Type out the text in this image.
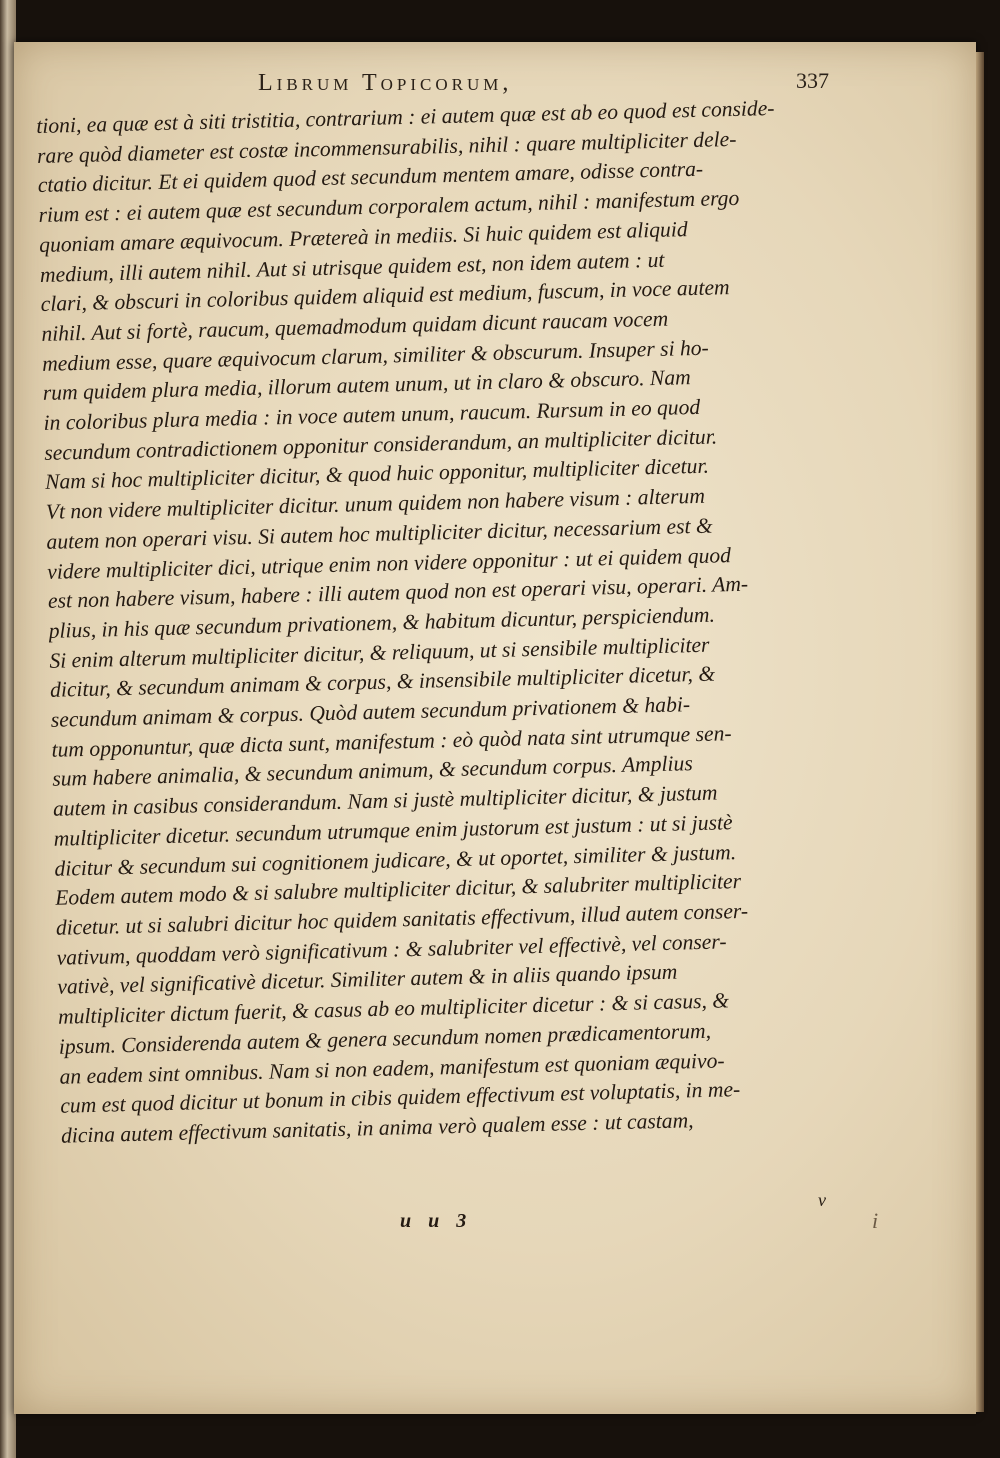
Librum Topicorum,	337
tioni, ea quæ est à siti tristitia, contrarium : ei autem quæ est ab eo quod est conside-
rare quòd diameter est costæ incommensurabilis, nihil : quare multipliciter dele-
ctatio dicitur. Et ei quidem quod est secundum mentem amare, odisse contra-
rium est : ei autem quæ est secundum corporalem actum, nihil : manifestum ergo
quoniam amare æquivocum. Prætereà in mediis. Si huic quidem est aliquid
medium, illi autem nihil. Aut si utrisque quidem est, non idem autem : ut
clari, & obscuri in coloribus quidem aliquid est medium, fuscum, in voce autem
nihil. Aut si fortè, raucum, quemadmodum quidam dicunt raucam vocem
medium esse, quare æquivocum clarum, similiter & obscurum. Insuper si ho-
rum quidem plura media, illorum autem unum, ut in claro & obscuro. Nam
in coloribus plura media : in voce autem unum, raucum. Rursum in eo quod
secundum contradictionem opponitur considerandum, an multipliciter dicitur.
Nam si hoc multipliciter dicitur, & quod huic opponitur, multipliciter dicetur.
Vt non videre multipliciter dicitur. unum quidem non habere visum : alterum
autem non operari visu. Si autem hoc multipliciter dicitur, necessarium est &
videre multipliciter dici, utrique enim non videre opponitur : ut ei quidem quod
est non habere visum, habere : illi autem quod non est operari visu, operari. Am-
plius, in his quæ secundum privationem, & habitum dicuntur, perspiciendum.
Si enim alterum multipliciter dicitur, & reliquum, ut si sensibile multipliciter
dicitur, & secundum animam & corpus, & insensibile multipliciter dicetur, &
secundum animam & corpus. Quòd autem secundum privationem & habi-
tum opponuntur, quæ dicta sunt, manifestum : eò quòd nata sint utrumque sen-
sum habere animalia, & secundum animum, & secundum corpus. Amplius
autem in casibus considerandum. Nam si justè multipliciter dicitur, & justum
multipliciter dicetur. secundum utrumque enim justorum est justum : ut si justè
dicitur & secundum sui cognitionem judicare, & ut oportet, similiter & justum.
Eodem autem modo & si salubre multipliciter dicitur, & salubriter multipliciter
dicetur. ut si salubri dicitur hoc quidem sanitatis effectivum, illud autem conser-
vativum, quoddam verò significativum : & salubriter vel effectivè, vel conser-
vativè, vel significativè dicetur. Similiter autem & in aliis quando ipsum
multipliciter dictum fuerit, & casus ab eo multipliciter dicetur : & si casus, &
ipsum. Considerenda autem & genera secundum nomen prædicamentorum,
an eadem sint omnibus. Nam si non eadem, manifestum est quoniam æquivo-
cum est quod dicitur ut bonum in cibis quidem effectivum est voluptatis, in me-
dicina autem effectivum sanitatis, in anima verò qualem esse : ut castam,
u u 3
v
i
